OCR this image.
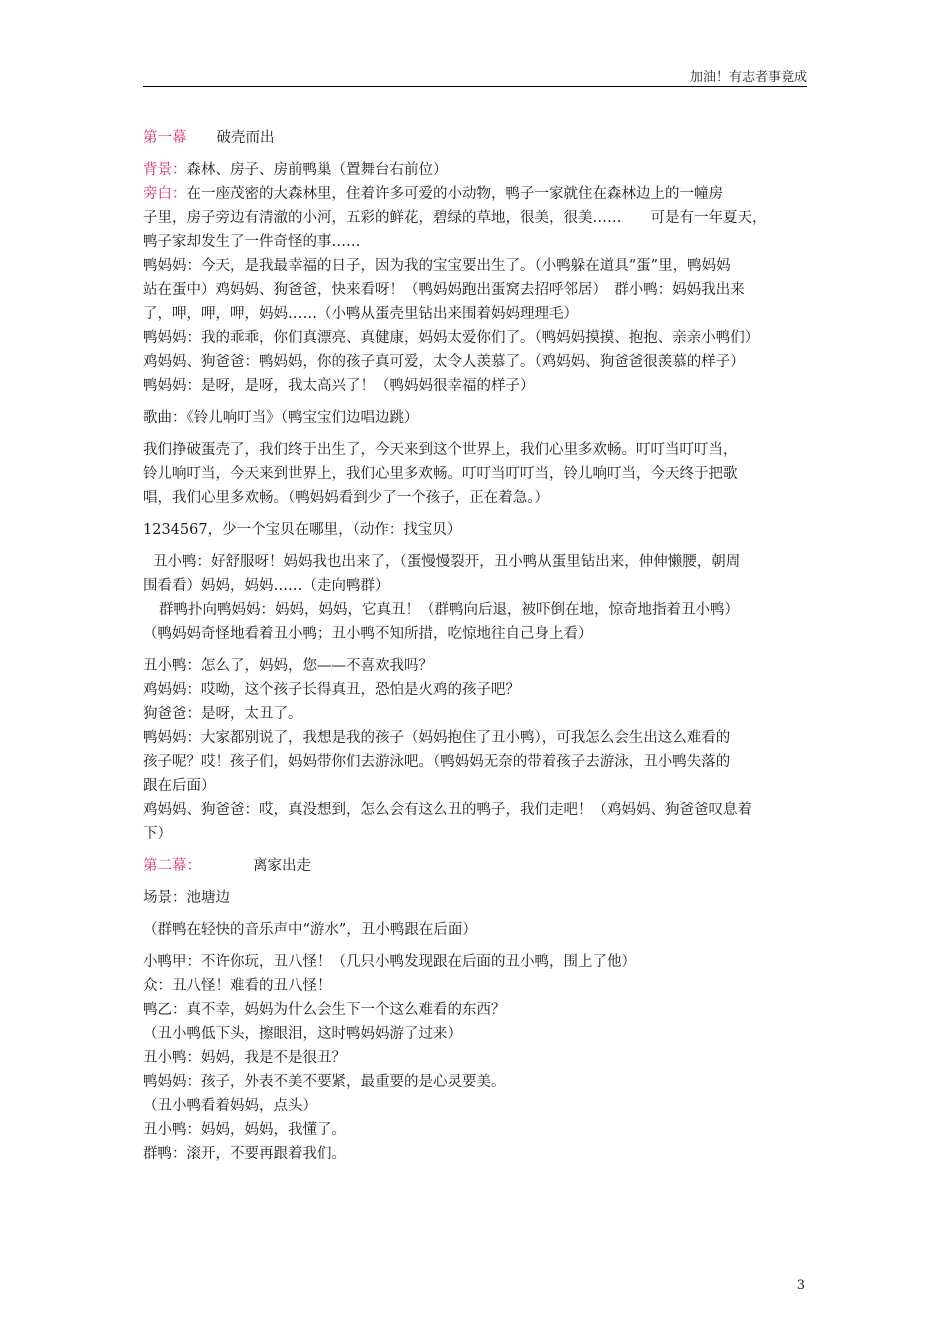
加油！有志者事竟成

第一幕 破壳而出

背景：森林、房子、房前鸭巢（置舞台右前位）

旁白：在一座茂密的大森林里，住着许多可爱的小动物，鸭子一家就住在森林边上的一幢房

子里，房子旁边有清澈的小河，五彩的鲜花，碧绿的草地，很美，很美……　　可是有一年夏天，

鸭子家却发生了一件奇怪的事……

鸭妈妈：今天，是我最幸福的日子，因为我的宝宝要出生了。（小鸭躲在道具“蛋”里，鸭妈妈

站在蛋中）鸡妈妈、狗爸爸，快来看呀！（鸭妈妈跑出蛋窝去招呼邻居）　群小鸭：妈妈我出来

了，呷，呷，呷，妈妈……（小鸭从蛋壳里钻出来围着妈妈理理毛）

鸭妈妈：我的乖乖，你们真漂亮、真健康，妈妈太爱你们了。（鸭妈妈摸摸、抱抱、亲亲小鸭们）

鸡妈妈、狗爸爸：鸭妈妈，你的孩子真可爱，太令人羡慕了。（鸡妈妈、狗爸爸很羡慕的样子）

鸭妈妈：是呀，是呀，我太高兴了！（鸭妈妈很幸福的样子）

歌曲：《铃儿响叮当》（鸭宝宝们边唱边跳）

我们挣破蛋壳了，我们终于出生了，今天来到这个世界上，我们心里多欢畅。叮叮当叮叮当，

铃儿响叮当，今天来到世界上，我们心里多欢畅。叮叮当叮叮当，铃儿响叮当，今天终于把歌

唱，我们心里多欢畅。（鸭妈妈看到少了一个孩子，正在着急。）

1234567，少一个宝贝在哪里，（动作：找宝贝）

丑小鸭：好舒服呀！妈妈我也出来了，（蛋慢慢裂开，丑小鸭从蛋里钻出来，伸伸懒腰，朝周

围看看）妈妈，妈妈……（走向鸭群）

群鸭扑向鸭妈妈：妈妈，妈妈，它真丑！（群鸭向后退，被吓倒在地，惊奇地指着丑小鸭）

（鸭妈妈奇怪地看着丑小鸭；丑小鸭不知所措，吃惊地往自己身上看）

丑小鸭：怎么了，妈妈，您——不喜欢我吗？

鸡妈妈：哎呦，这个孩子长得真丑，恐怕是火鸡的孩子吧？

狗爸爸：是呀，太丑了。

鸭妈妈：大家都别说了，我想是我的孩子（妈妈抱住了丑小鸭），可我怎么会生出这么难看的

孩子呢？哎！孩子们，妈妈带你们去游泳吧。（鸭妈妈无奈的带着孩子去游泳，丑小鸭失落的

跟在后面）

鸡妈妈、狗爸爸：哎，真没想到，怎么会有这么丑的鸭子，我们走吧！（鸡妈妈、狗爸爸叹息着

下）

第二幕：	离家出走

场景：池塘边

（群鸭在轻快的音乐声中“游水”，丑小鸭跟在后面）

小鸭甲：不许你玩，丑八怪！（几只小鸭发现跟在后面的丑小鸭，围上了他）

众：丑八怪！难看的丑八怪！

鸭乙：真不幸，妈妈为什么会生下一个这么难看的东西？

（丑小鸭低下头，擦眼泪，这时鸭妈妈游了过来）

丑小鸭：妈妈，我是不是很丑？

鸭妈妈：孩子，外表不美不要紧，最重要的是心灵要美。

（丑小鸭看着妈妈，点头）

丑小鸭：妈妈，妈妈，我懂了。

群鸭：滚开，不要再跟着我们。

3
